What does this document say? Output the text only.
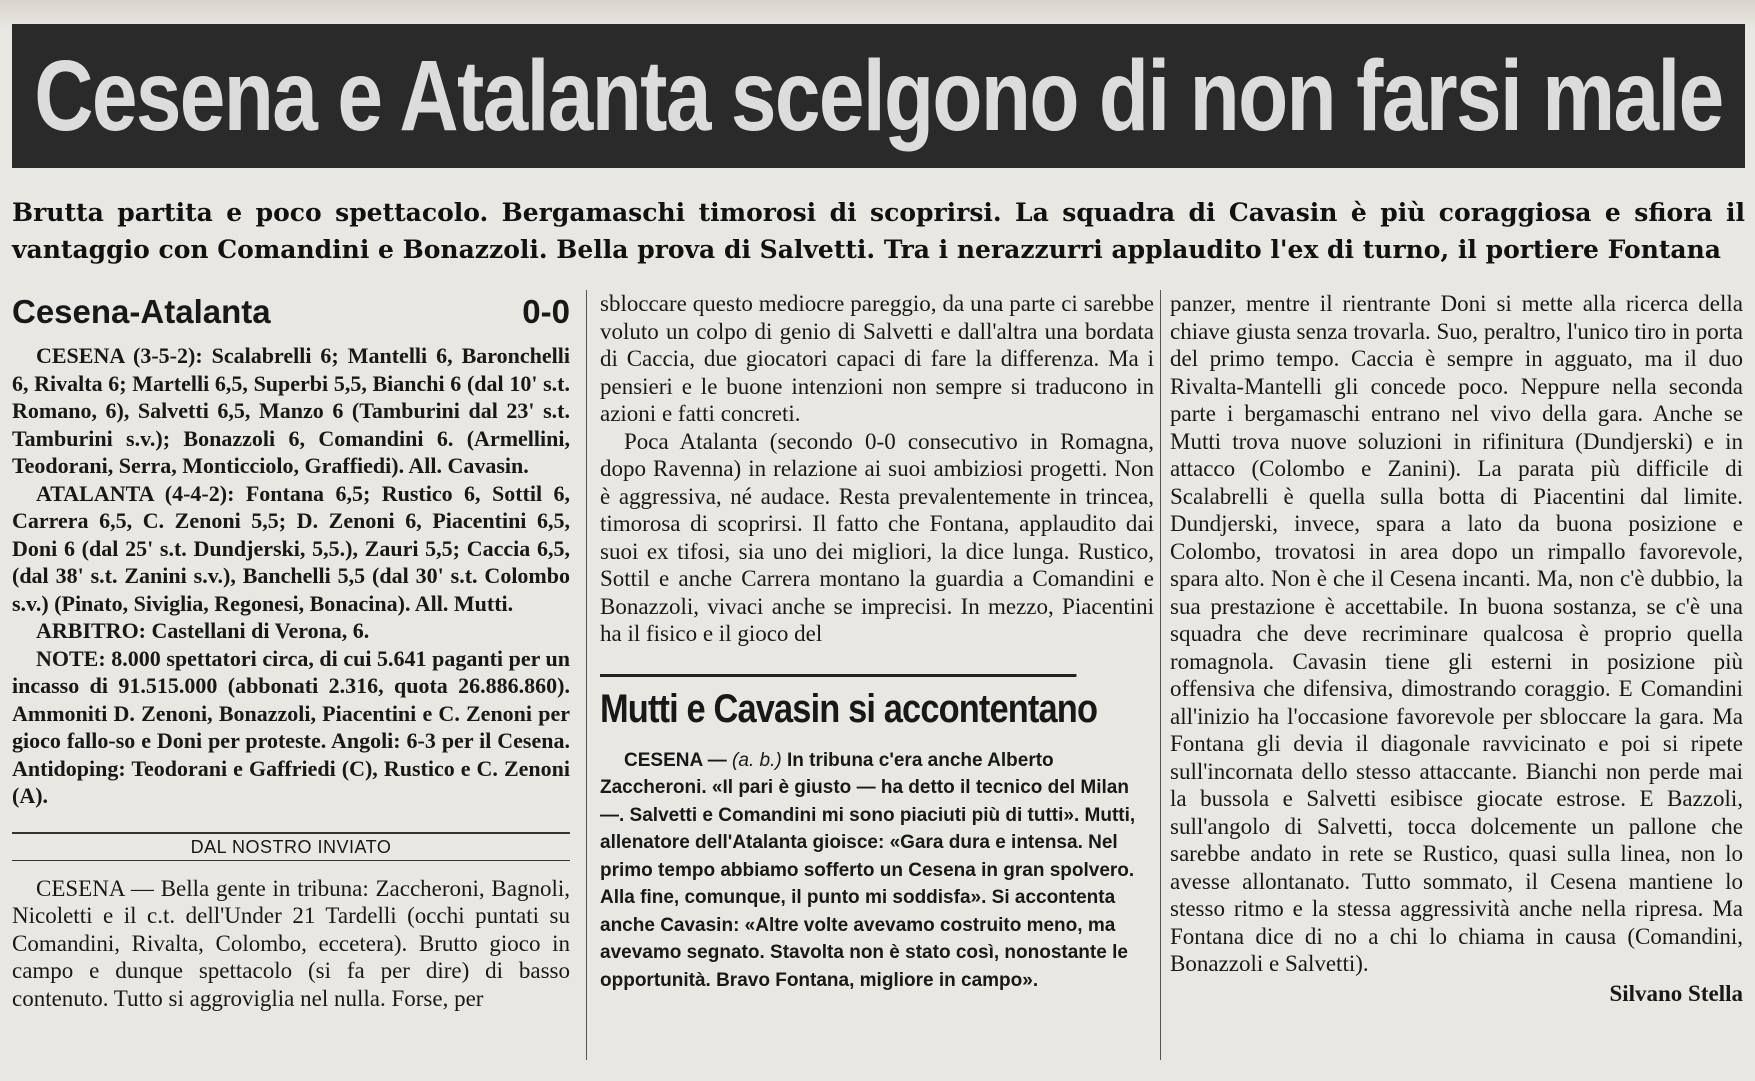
Cesena e Atalanta scelgono di non farsi male

Brutta partita e poco spettacolo. Bergamaschi timorosi di scoprirsi. La squadra di Cavasin è più coraggiosa e sfiora il vantaggio con Comandini e Bonazzoli. Bella prova di Salvetti. Tra i nerazzurri applaudito l'ex di turno, il portiere Fontana

Cesena-Atalanta	0-0

CESENA (3-5-2): Scalabrelli 6; Mantelli 6, Baronchelli 6, Rivalta 6; Martelli 6,5, Superbi 5,5, Bianchi 6 (dal 10' s.t. Romano, 6), Salvetti 6,5, Manzo 6 (Tamburini dal 23' s.t. Tamburini s.v.); Bonazzoli 6, Comandini 6. (Armellini, Teodorani, Serra, Monticciolo, Graffiedi). All. Cavasin.

ATALANTA (4-4-2): Fontana 6,5; Rustico 6, Sottil 6, Carrera 6,5, C. Zenoni 5,5; D. Zenoni 6, Piacentini 6,5, Doni 6 (dal 25' s.t. Dundjerski, 5,5.), Zauri 5,5; Caccia 6,5, (dal 38' s.t. Zanini s.v.), Banchelli 5,5 (dal 30' s.t. Colombo s.v.) (Pinato, Siviglia, Regonesi, Bonacina). All. Mutti.

ARBITRO: Castellani di Verona, 6.

NOTE: 8.000 spettatori circa, di cui 5.641 paganti per un incasso di 91.515.000 (abbonati 2.316, quota 26.886.860). Ammoniti D. Zenoni, Bonazzoli, Piacentini e C. Zenoni per gioco fallo-so e Doni per proteste. Angoli: 6-3 per il Cesena. Antidoping: Teodorani e Gaffriedi (C), Rustico e C. Zenoni (A).

DAL NOSTRO INVIATO

CESENA — Bella gente in tribuna: Zaccheroni, Bagnoli, Nicoletti e il c.t. dell'Under 21 Tardelli (occhi puntati su Comandini, Rivalta, Colombo, eccetera). Brutto gioco in campo e dunque spettacolo (si fa per dire) di basso contenuto. Tutto si aggroviglia nel nulla. Forse, per

sbloccare questo mediocre pareggio, da una parte ci sarebbe voluto un colpo di genio di Salvetti e dall'altra una bordata di Caccia, due giocatori capaci di fare la differenza. Ma i pensieri e le buone intenzioni non sempre si traducono in azioni e fatti concreti.

Poca Atalanta (secondo 0-0 consecutivo in Romagna, dopo Ravenna) in relazione ai suoi ambiziosi progetti. Non è aggressiva, né audace. Resta prevalentemente in trincea, timorosa di scoprirsi. Il fatto che Fontana, applaudito dai suoi ex tifosi, sia uno dei migliori, la dice lunga. Rustico, Sottil e anche Carrera montano la guardia a Comandini e Bonazzoli, vivaci anche se imprecisi. In mezzo, Piacentini ha il fisico e il gioco del

Mutti e Cavasin si accontentano

CESENA — (a. b.) In tribuna c'era anche Alberto Zaccheroni. «Il pari è giusto — ha detto il tecnico del Milan —. Salvetti e Comandini mi sono piaciuti più di tutti». Mutti, allenatore dell'Atalanta gioisce: «Gara dura e intensa. Nel primo tempo abbiamo sofferto un Cesena in gran spolvero. Alla fine, comunque, il punto mi soddisfa». Si accontenta anche Cavasin: «Altre volte avevamo costruito meno, ma avevamo segnato. Stavolta non è stato così, nonostante le opportunità. Bravo Fontana, migliore in campo».

panzer, mentre il rientrante Doni si mette alla ricerca della chiave giusta senza trovarla. Suo, peraltro, l'unico tiro in porta del primo tempo. Caccia è sempre in agguato, ma il duo Rivalta-Mantelli gli concede poco. Neppure nella seconda parte i bergamaschi entrano nel vivo della gara. Anche se Mutti trova nuove soluzioni in rifinitura (Dundjerski) e in attacco (Colombo e Zanini). La parata più difficile di Scalabrelli è quella sulla botta di Piacentini dal limite. Dundjerski, invece, spara a lato da buona posizione e Colombo, trovatosi in area dopo un rimpallo favorevole, spara alto. Non è che il Cesena incanti. Ma, non c'è dubbio, la sua prestazione è accettabile. In buona sostanza, se c'è una squadra che deve recriminare qualcosa è proprio quella romagnola. Cavasin tiene gli esterni in posizione più offensiva che difensiva, dimostrando coraggio. E Comandini all'inizio ha l'occasione favorevole per sbloccare la gara. Ma Fontana gli devia il diagonale ravvicinato e poi si ripete sull'incornata dello stesso attaccante. Bianchi non perde mai la bussola e Salvetti esibisce giocate estrose. E Bazzoli, sull'angolo di Salvetti, tocca dolcemente un pallone che sarebbe andato in rete se Rustico, quasi sulla linea, non lo avesse allontanato. Tutto sommato, il Cesena mantiene lo stesso ritmo e la stessa aggressività anche nella ripresa. Ma Fontana dice di no a chi lo chiama in causa (Comandini, Bonazzoli e Salvetti).

Silvano Stella
